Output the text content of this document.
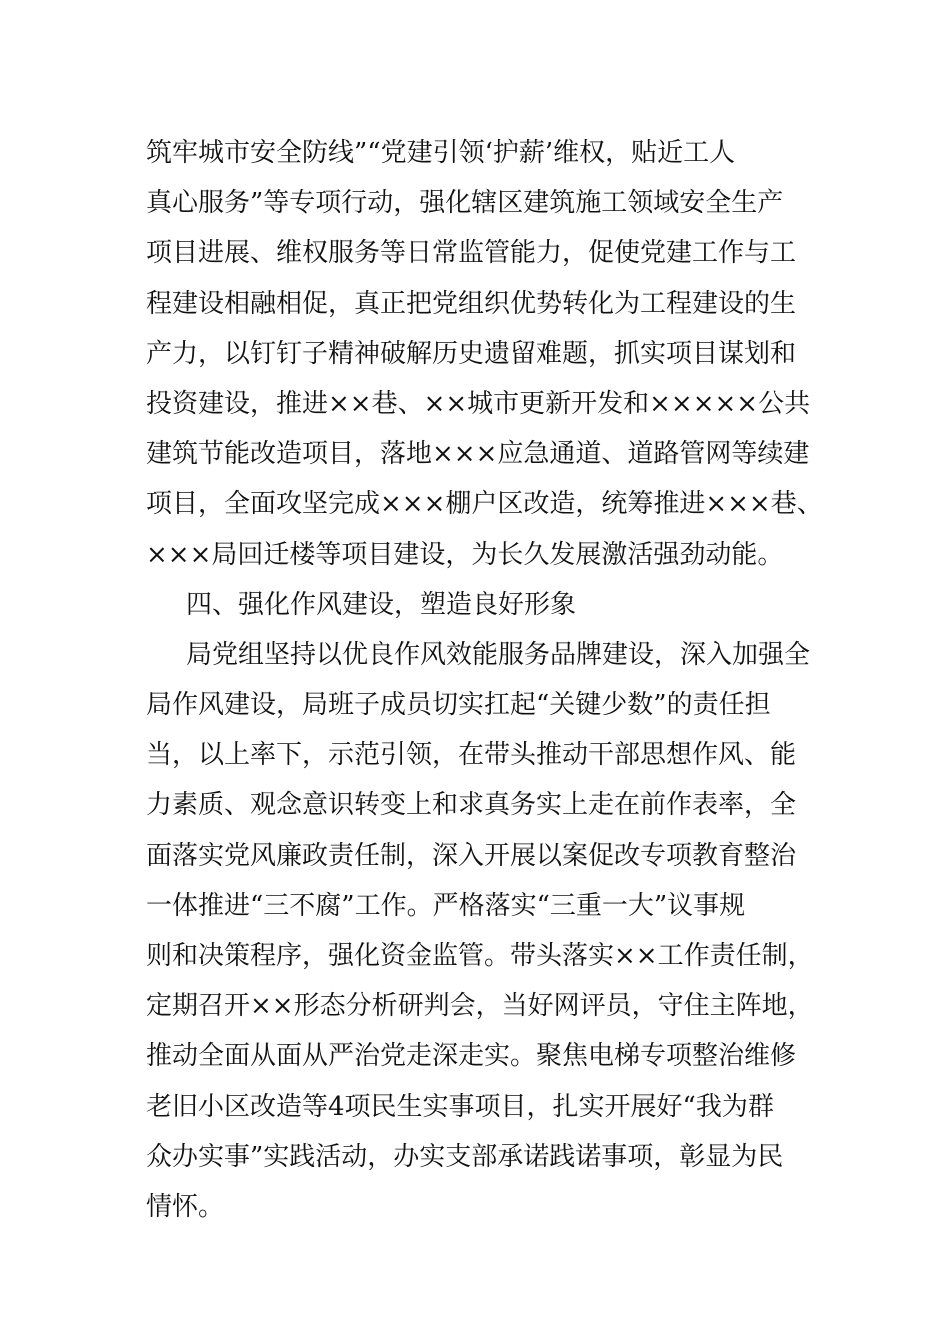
筑牢城市安全防线”“党建引领‘护薪’维权，贴近工人
真心服务”等专项行动，强化辖区建筑施工领域安全生产
项目进展、维权服务等日常监管能力，促使党建工作与工
程建设相融相促，真正把党组织优势转化为工程建设的生
产力，以钉钉子精神破解历史遗留难题，抓实项目谋划和
投资建设，推进××巷、××城市更新开发和×××××公共
建筑节能改造项目，落地×××应急通道、道路管网等续建
项目，全面攻坚完成×××棚户区改造，统筹推进×××巷、
×××局回迁楼等项目建设，为长久发展激活强劲动能。
四、强化作风建设，塑造良好形象
局党组坚持以优良作风效能服务品牌建设，深入加强全
局作风建设，局班子成员切实扛起“关键少数”的责任担
当，以上率下，示范引领，在带头推动干部思想作风、能
力素质、观念意识转变上和求真务实上走在前作表率，全
面落实党风廉政责任制，深入开展以案促改专项教育整治
一体推进“三不腐”工作。严格落实“三重一大”议事规
则和决策程序，强化资金监管。带头落实××工作责任制，
定期召开××形态分析研判会，当好网评员，守住主阵地，
推动全面从面从严治党走深走实。聚焦电梯专项整治维修
老旧小区改造等4项民生实事项目，扎实开展好“我为群
众办实事”实践活动，办实支部承诺践诺事项，彰显为民
情怀。
